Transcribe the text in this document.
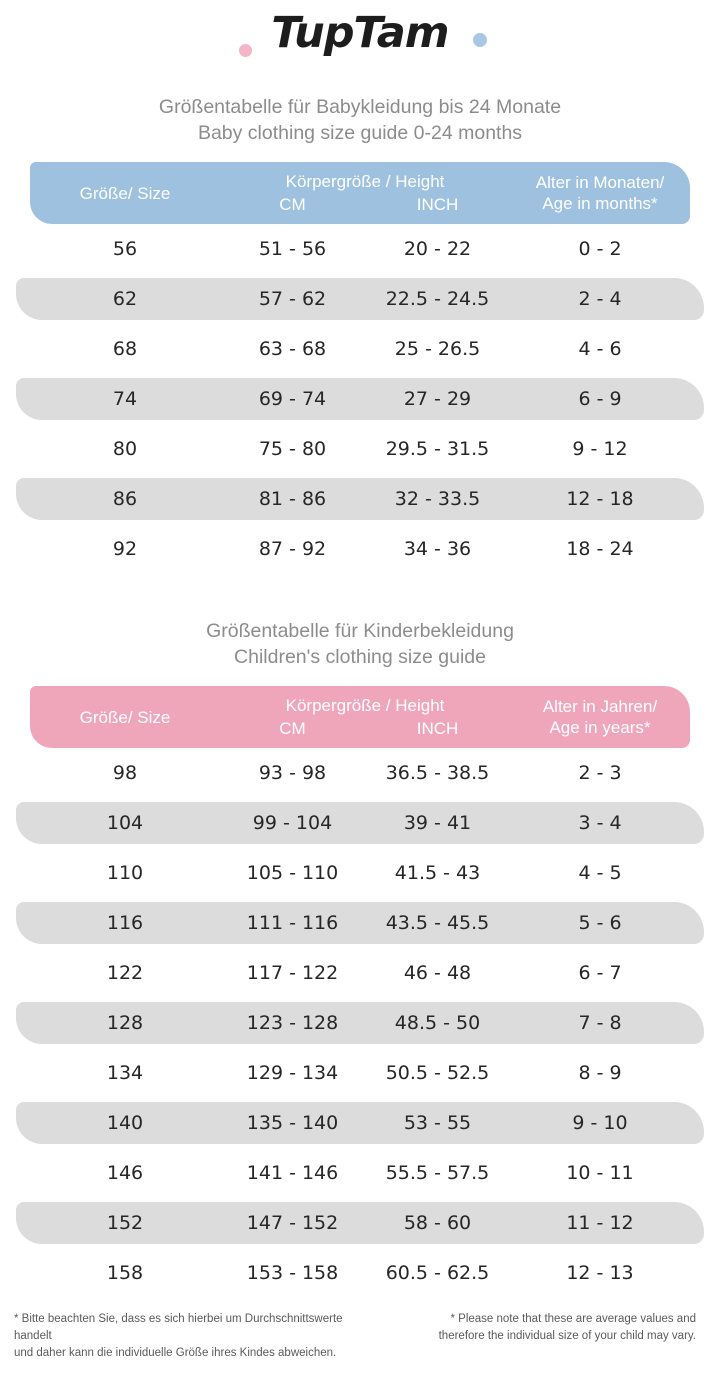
TupTam
Größentabelle für Babykleidung bis 24 Monate
Baby clothing size guide 0-24 months
Größe/ Size
Körpergröße / Height
CM	INCH
Alter in Monaten/
Age in months*
56	51 - 56	20 - 22	0 - 2
62	57 - 62	22.5 - 24.5	2 - 4
68	63 - 68	25 - 26.5	4 - 6
74	69 - 74	27 - 29	6 - 9
80	75 - 80	29.5 - 31.5	9 - 12
86	81 - 86	32 - 33.5	12 - 18
92	87 - 92	34 - 36	18 - 24
Größentabelle für Kinderbekleidung
Children's clothing size guide
Größe/ Size
Körpergröße / Height
CM	INCH
Alter in Jahren/
Age in years*
98	93 - 98	36.5 - 38.5	2 - 3
104	99 - 104	39 - 41	3 - 4
110	105 - 110	41.5 - 43	4 - 5
116	111 - 116	43.5 - 45.5	5 - 6
122	117 - 122	46 - 48	6 - 7
128	123 - 128	48.5 - 50	7 - 8
134	129 - 134	50.5 - 52.5	8 - 9
140	135 - 140	53 - 55	9 - 10
146	141 - 146	55.5 - 57.5	10 - 11
152	147 - 152	58 - 60	11 - 12
158	153 - 158	60.5 - 62.5	12 - 13
* Bitte beachten Sie, dass es sich hierbei um Durchschnittswerte handelt
und daher kann die individuelle Größe ihres Kindes abweichen.
* Please note that these are average values and
therefore the individual size of your child may vary.
